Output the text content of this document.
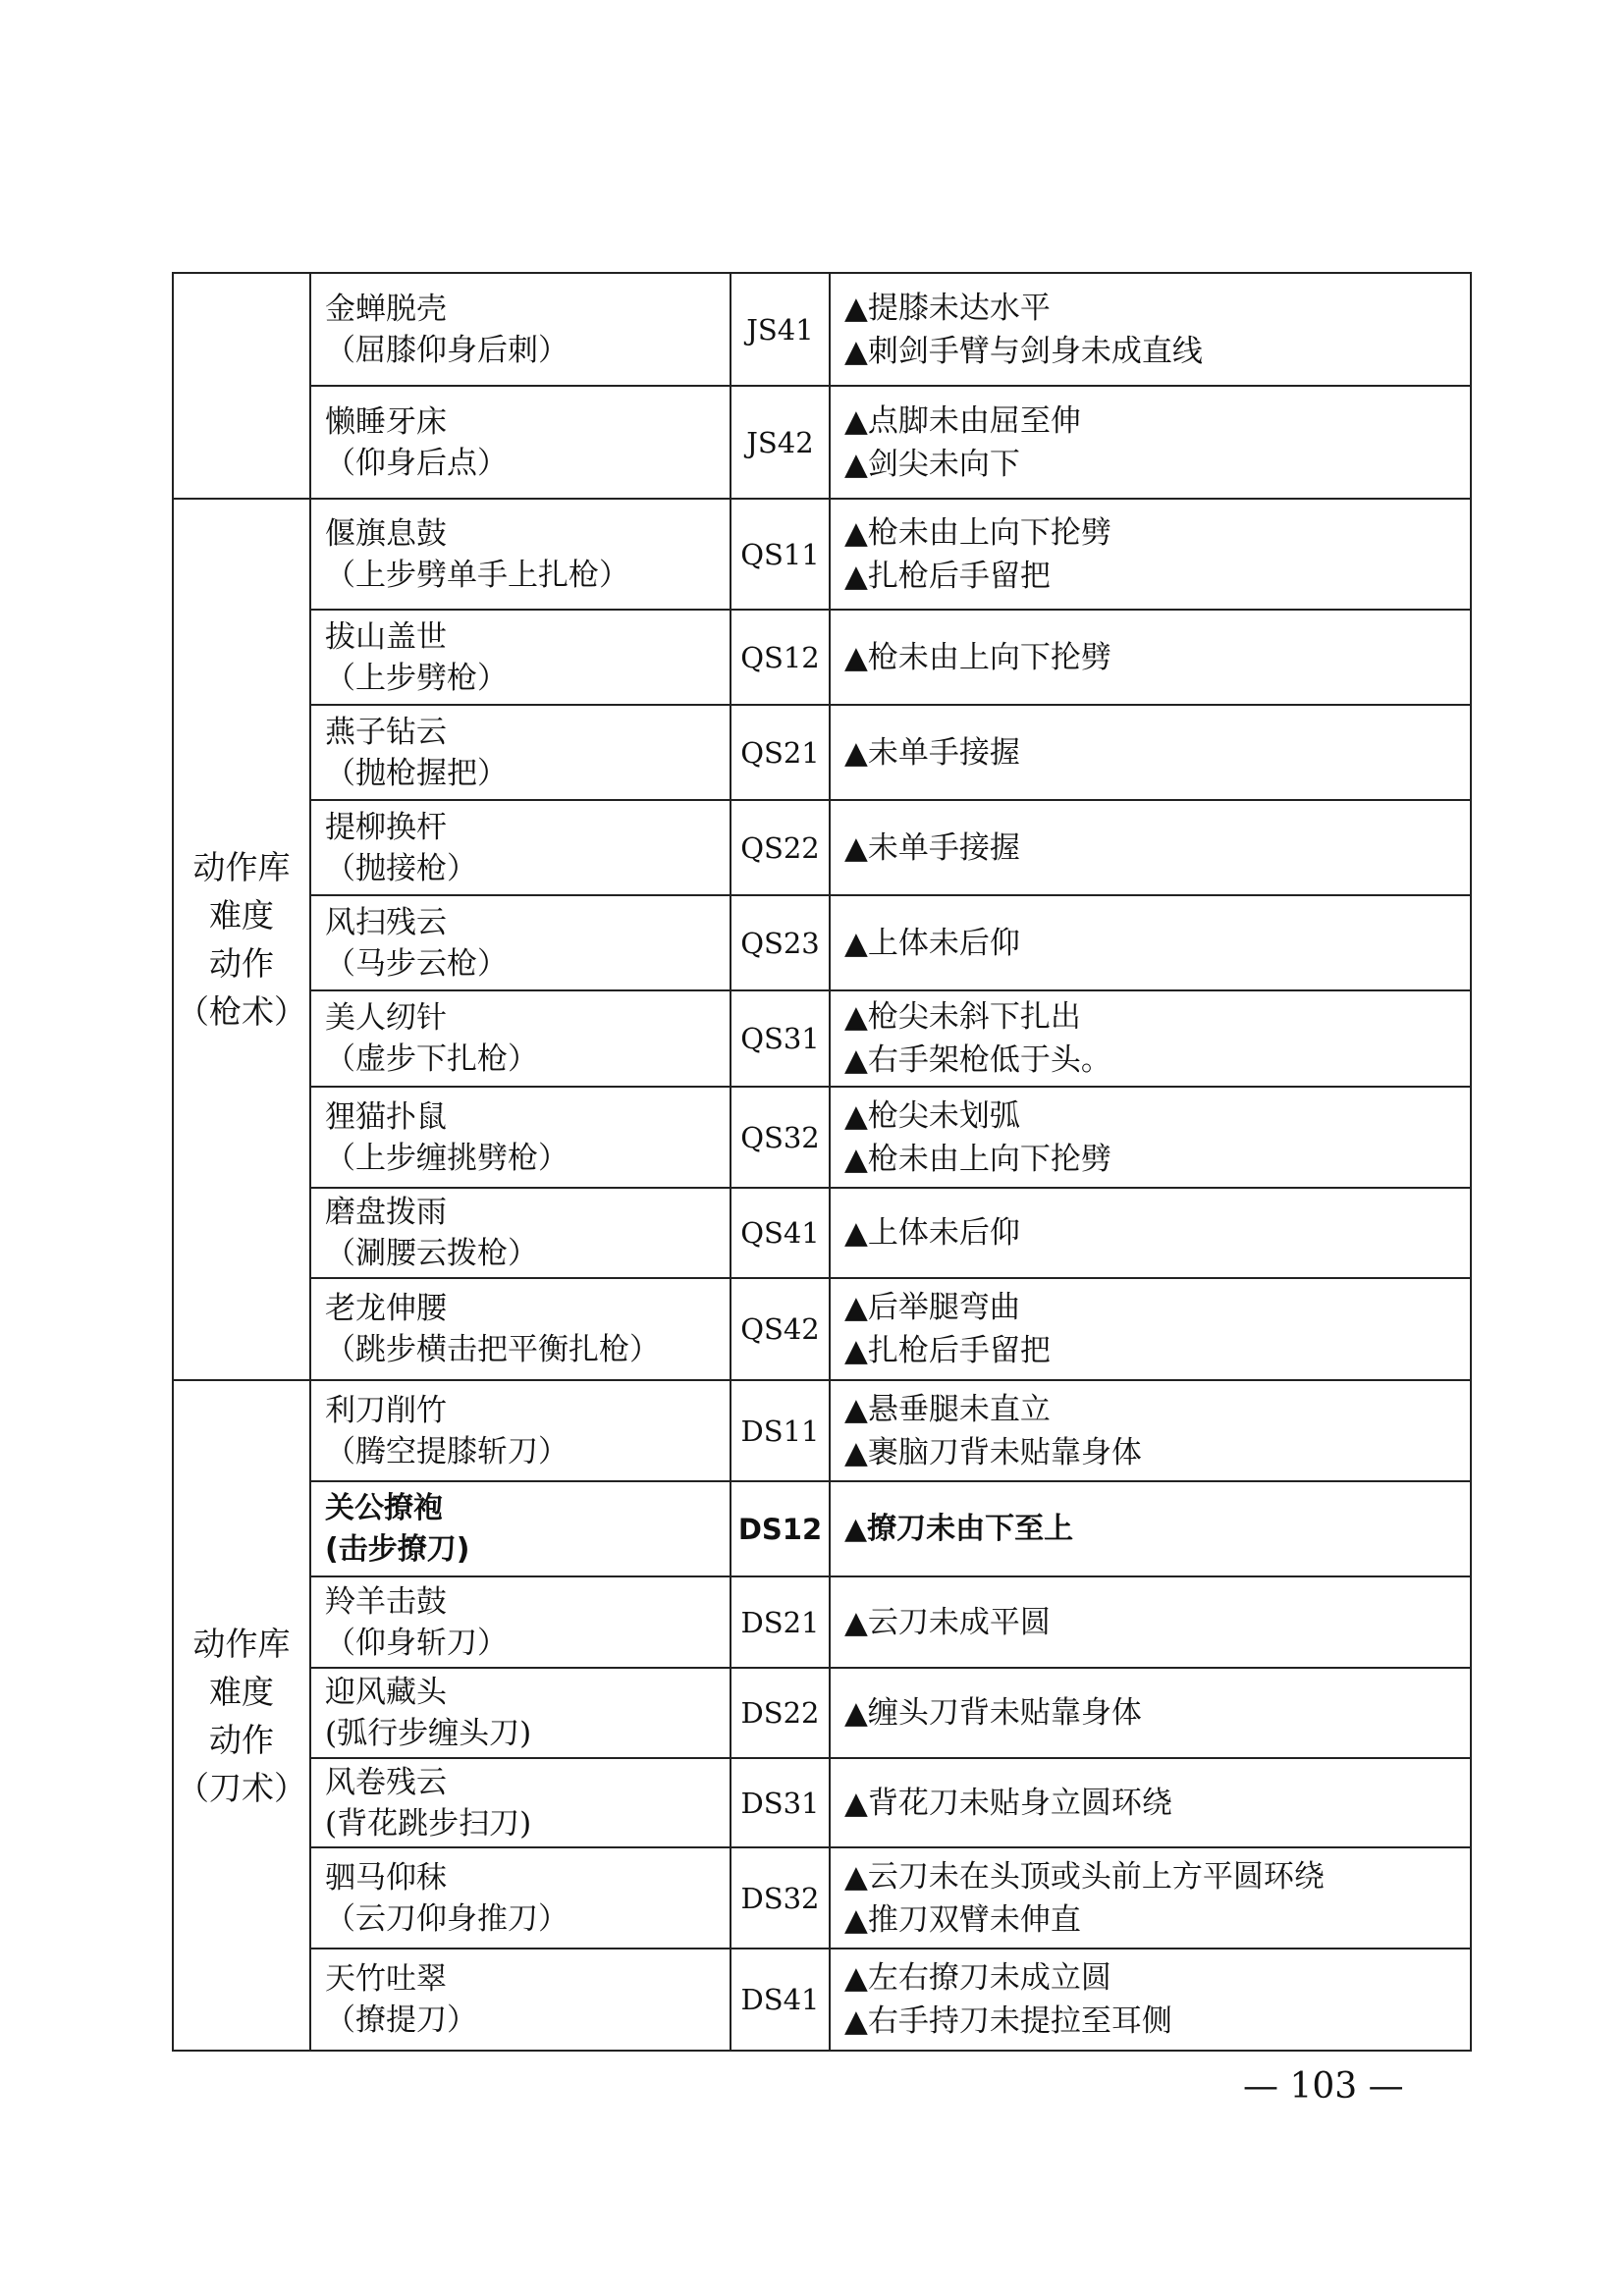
	金蝉脱壳
（屈膝仰身后刺）	JS41	▲提膝未达水平
▲刺剑手臂与剑身未成直线

	懒睡牙床
（仰身后点）	JS42	▲点脚未由屈至伸
▲剑尖未向下

动作库
难度
动作
（枪术）	偃旗息鼓
（上步劈单手上扎枪）	QS11	▲枪未由上向下抡劈
▲扎枪后手留把

	拔山盖世
（上步劈枪）	QS12	▲枪未由上向下抡劈

	燕子钻云
（抛枪握把）	QS21	▲未单手接握

	提柳换杆
（抛接枪）	QS22	▲未单手接握

	风扫残云
（马步云枪）	QS23	▲上体未后仰

	美人纫针
（虚步下扎枪）	QS31	▲枪尖未斜下扎出
▲右手架枪低于头。

	狸猫扑鼠
（上步缠挑劈枪）	QS32	▲枪尖未划弧
▲枪未由上向下抡劈

	磨盘拨雨
（涮腰云拨枪）	QS41	▲上体未后仰

	老龙伸腰
（跳步横击把平衡扎枪）	QS42	▲后举腿弯曲
▲扎枪后手留把

动作库
难度
动作
（刀术）	利刀削竹
（腾空提膝斩刀）	DS11	▲悬垂腿未直立
▲裹脑刀背未贴靠身体

	关公撩袍
(击步撩刀)	DS12	▲撩刀未由下至上

	羚羊击鼓
（仰身斩刀）	DS21	▲云刀未成平圆

	迎风藏头
(弧行步缠头刀)	DS22	▲缠头刀背未贴靠身体

	风卷残云
(背花跳步扫刀)	DS31	▲背花刀未贴身立圆环绕

	驷马仰秣
（云刀仰身推刀）	DS32	▲云刀未在头顶或头前上方平圆环绕
▲推刀双臂未伸直

	天竹吐翠
（撩提刀）	DS41	▲左右撩刀未成立圆
▲右手持刀未提拉至耳侧
— 103 —
